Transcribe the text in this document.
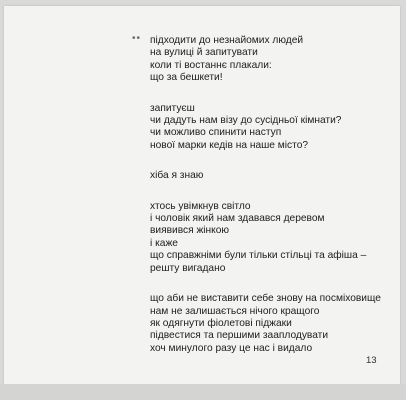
•• підходити до незнайомих людей
на вулиці й запитувати
коли ті востаннє плакали:
що за бешкети!
запитуєш
чи дадуть нам візу до сусідньої кімнати?
чи можливо спинити наступ
нової марки кедів на наше місто?
хіба я знаю
хтось увімкнув світло
і чоловік який нам здавався деревом
виявився жінкою
і каже
що справжніми були тільки стільці та афіша –
решту вигадано
що аби не виставити себе знову на посміховище
нам не залишається нічого кращого
як одягнути фіолетові піджаки
підвестися та першими зааплодувати
хоч минулого разу це нас і видало
13
